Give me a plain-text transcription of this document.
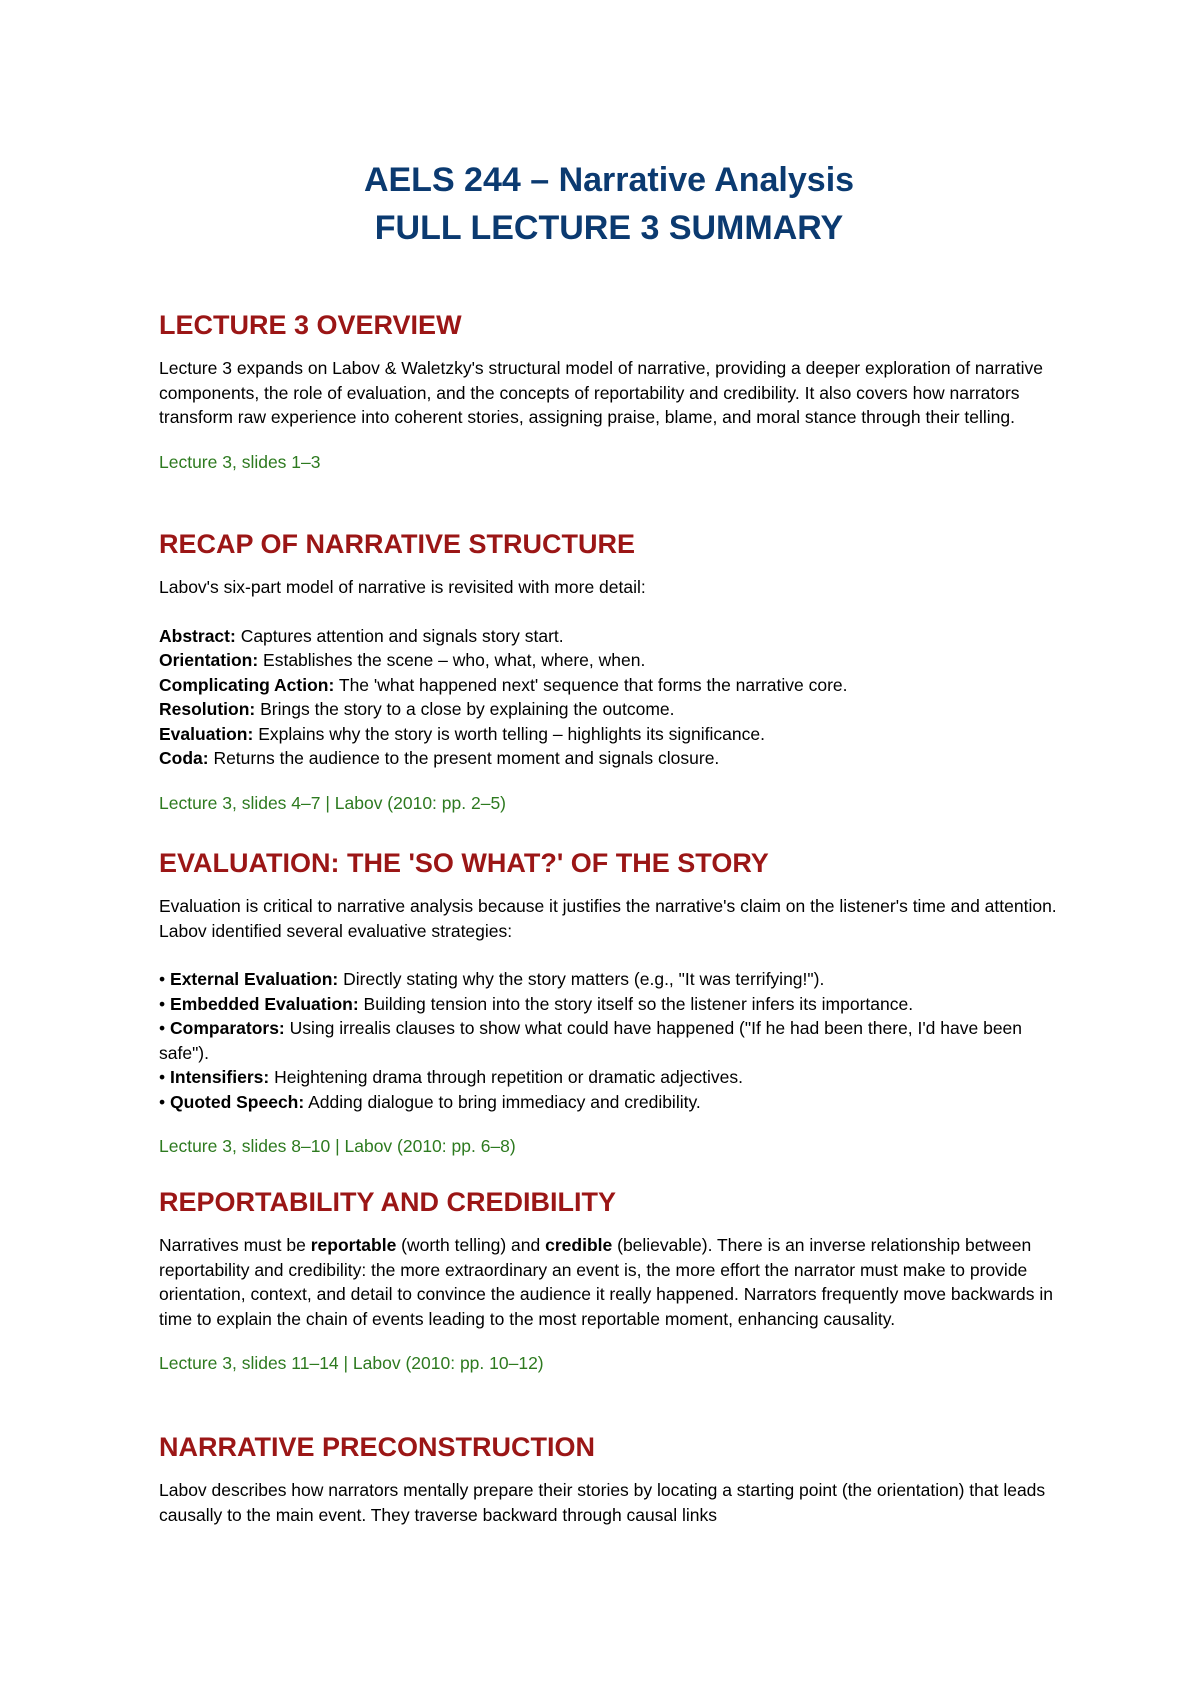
AELS 244 – Narrative Analysis
FULL LECTURE 3 SUMMARY
LECTURE 3 OVERVIEW

Lecture 3 expands on Labov & Waletzky's structural model of narrative, providing a deeper exploration of narrative components, the role of evaluation, and the concepts of reportability and credibility. It also covers how narrators transform raw experience into coherent stories, assigning praise, blame, and moral stance through their telling.

Lecture 3, slides 1–3

RECAP OF NARRATIVE STRUCTURE

Labov's six-part model of narrative is revisited with more detail:

Abstract: Captures attention and signals story start.
Orientation: Establishes the scene – who, what, where, when.
Complicating Action: The 'what happened next' sequence that forms the narrative core.
Resolution: Brings the story to a close by explaining the outcome.
Evaluation: Explains why the story is worth telling – highlights its significance.
Coda: Returns the audience to the present moment and signals closure.

Lecture 3, slides 4–7 | Labov (2010: pp. 2–5)

EVALUATION: THE 'SO WHAT?' OF THE STORY

Evaluation is critical to narrative analysis because it justifies the narrative's claim on the listener's time and attention. Labov identified several evaluative strategies:

• External Evaluation: Directly stating why the story matters (e.g., "It was terrifying!").
• Embedded Evaluation: Building tension into the story itself so the listener infers its importance.
• Comparators: Using irrealis clauses to show what could have happened ("If he had been there, I'd have been safe").
• Intensifiers: Heightening drama through repetition or dramatic adjectives.
• Quoted Speech: Adding dialogue to bring immediacy and credibility.

Lecture 3, slides 8–10 | Labov (2010: pp. 6–8)

REPORTABILITY AND CREDIBILITY

Narratives must be reportable (worth telling) and credible (believable). There is an inverse relationship between reportability and credibility: the more extraordinary an event is, the more effort the narrator must make to provide orientation, context, and detail to convince the audience it really happened. Narrators frequently move backwards in time to explain the chain of events leading to the most reportable moment, enhancing causality.

Lecture 3, slides 11–14 | Labov (2010: pp. 10–12)

NARRATIVE PRECONSTRUCTION

Labov describes how narrators mentally prepare their stories by locating a starting point (the orientation) that leads causally to the main event. They traverse backward through causal links
